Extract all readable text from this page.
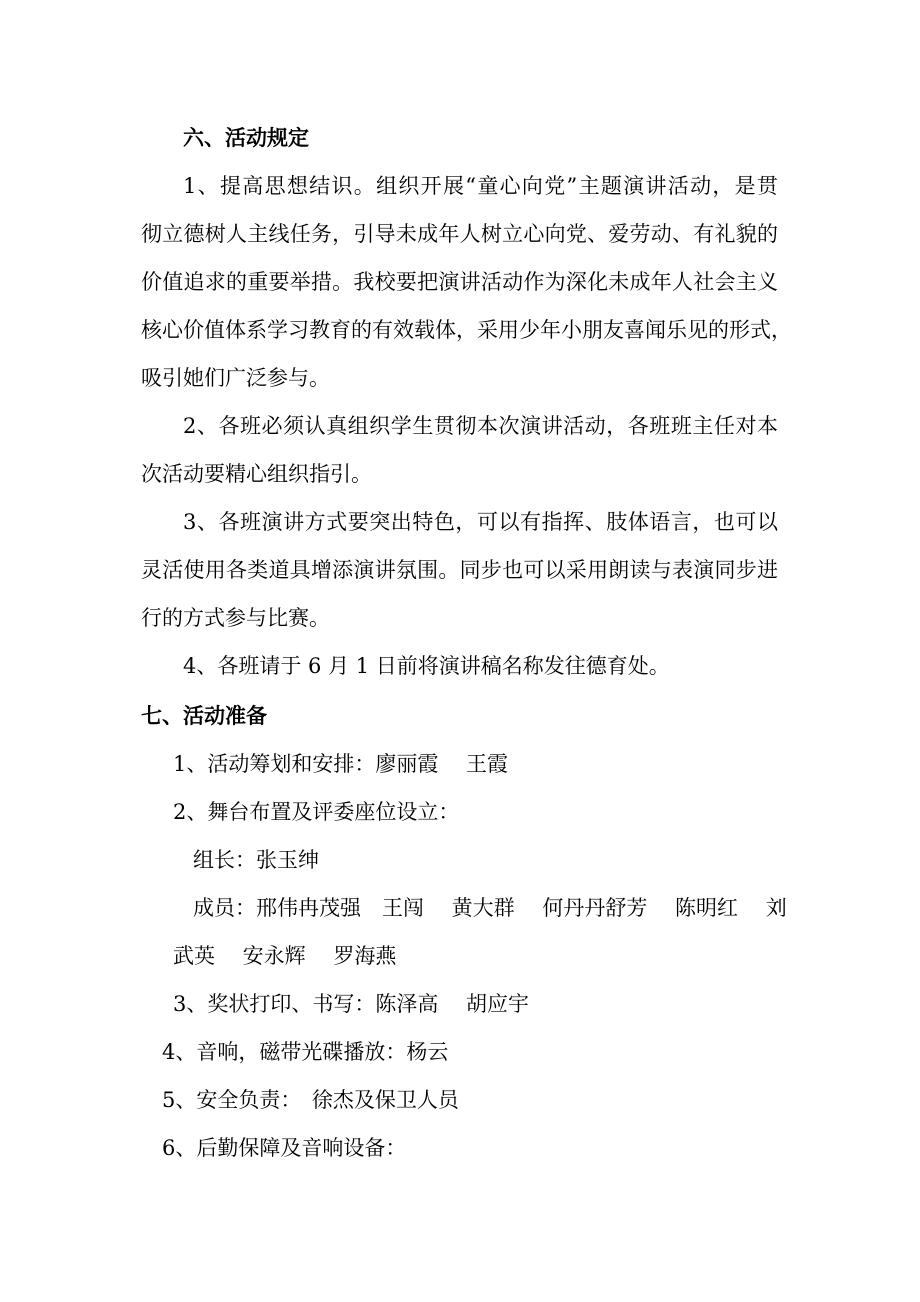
六、活动规定
1、提高思想结识。组织开展“童心向党”主题演讲活动，是贯
彻立德树人主线任务，引导未成年人树立心向党、爱劳动、有礼貌的
价值追求的重要举措。我校要把演讲活动作为深化未成年人社会主义
核心价值体系学习教育的有效载体，采用少年小朋友喜闻乐见的形式，
吸引她们广泛参与。
2、各班必须认真组织学生贯彻本次演讲活动，各班班主任对本
次活动要精心组织指引。
3、各班演讲方式要突出特色，可以有指挥、肢体语言，也可以
灵活使用各类道具增添演讲氛围。同步也可以采用朗读与表演同步进
行的方式参与比赛。
4、各班请于 6 月 1 日前将演讲稿名称发往德育处。
七、活动准备
1、活动筹划和安排：廖丽霞　 王霞
2、舞台布置及评委座位设立：
组长：张玉绅
成员：邢伟冉茂强　王闯　 黄大群　 何丹丹舒芳　 陈明红　 刘
武英　 安永辉　 罗海燕
3、奖状打印、书写：陈泽高　 胡应宇
4、音响，磁带光碟播放：杨云
5、安全负责：　徐杰及保卫人员
6、后勤保障及音响设备：
